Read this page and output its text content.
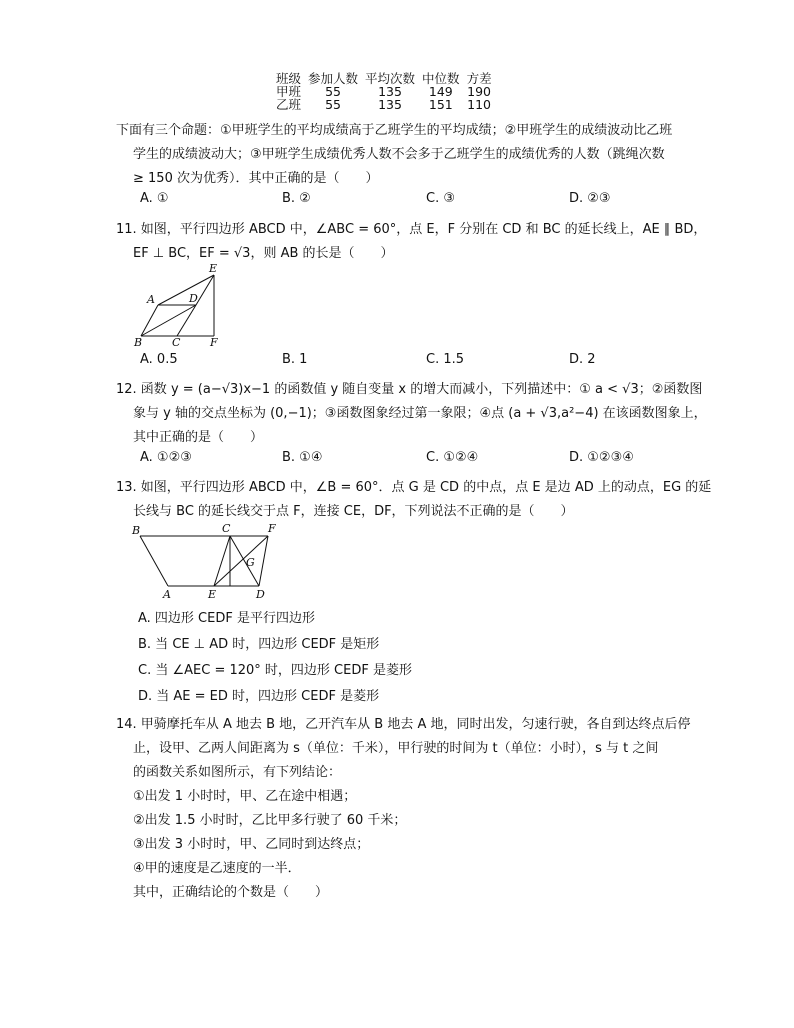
班级	参加人数	平均次数	中位数	方差
甲班	55	135	149	190
乙班	55	135	151	110
下面有三个命题：①甲班学生的平均成绩高于乙班学生的平均成绩；②甲班学生的成绩波动比乙班
学生的成绩波动大；③甲班学生成绩优秀人数不会多于乙班学生的成绩优秀的人数（跳绳次数
≥ 150 次为优秀）．其中正确的是（　　）
A. ①	B. ②	C. ③	D. ②③
11. 如图，平行四边形 ABCD 中，∠ABC = 60°，点 E，F 分别在 CD 和 BC 的延长线上，AE ∥ BD，
EF ⊥ BC，EF = √3，则 AB 的长是（　　）
E
A	D
B	C	F
A. 0.5	B. 1	C. 1.5	D. 2
12. 函数 y = (a−√3)x−1 的函数值 y 随自变量 x 的增大而减小，下列描述中：① a < √3；②函数图
象与 y 轴的交点坐标为 (0,−1)；③函数图象经过第一象限；④点 (a + √3,a²−4) 在该函数图象上，
其中正确的是（　　）
A. ①②③	B. ①④	C. ①②④	D. ①②③④
13. 如图，平行四边形 ABCD 中，∠B = 60°．点 G 是 CD 的中点，点 E 是边 AD 上的动点，EG 的延
长线与 BC 的延长线交于点 F，连接 CE，DF，下列说法不正确的是（　　）
B	C	F
G
A	E	D
A. 四边形 CEDF 是平行四边形
B. 当 CE ⊥ AD 时，四边形 CEDF 是矩形
C. 当 ∠AEC = 120° 时，四边形 CEDF 是菱形
D. 当 AE = ED 时，四边形 CEDF 是菱形
14. 甲骑摩托车从 A 地去 B 地，乙开汽车从 B 地去 A 地，同时出发，匀速行驶，各自到达终点后停
止，设甲、乙两人间距离为 s（单位：千米），甲行驶的时间为 t（单位：小时），s 与 t 之间
的函数关系如图所示，有下列结论：
①出发 1 小时时，甲、乙在途中相遇；
②出发 1.5 小时时，乙比甲多行驶了 60 千米；
③出发 3 小时时，甲、乙同时到达终点；
④甲的速度是乙速度的一半．
其中，正确结论的个数是（　　）
